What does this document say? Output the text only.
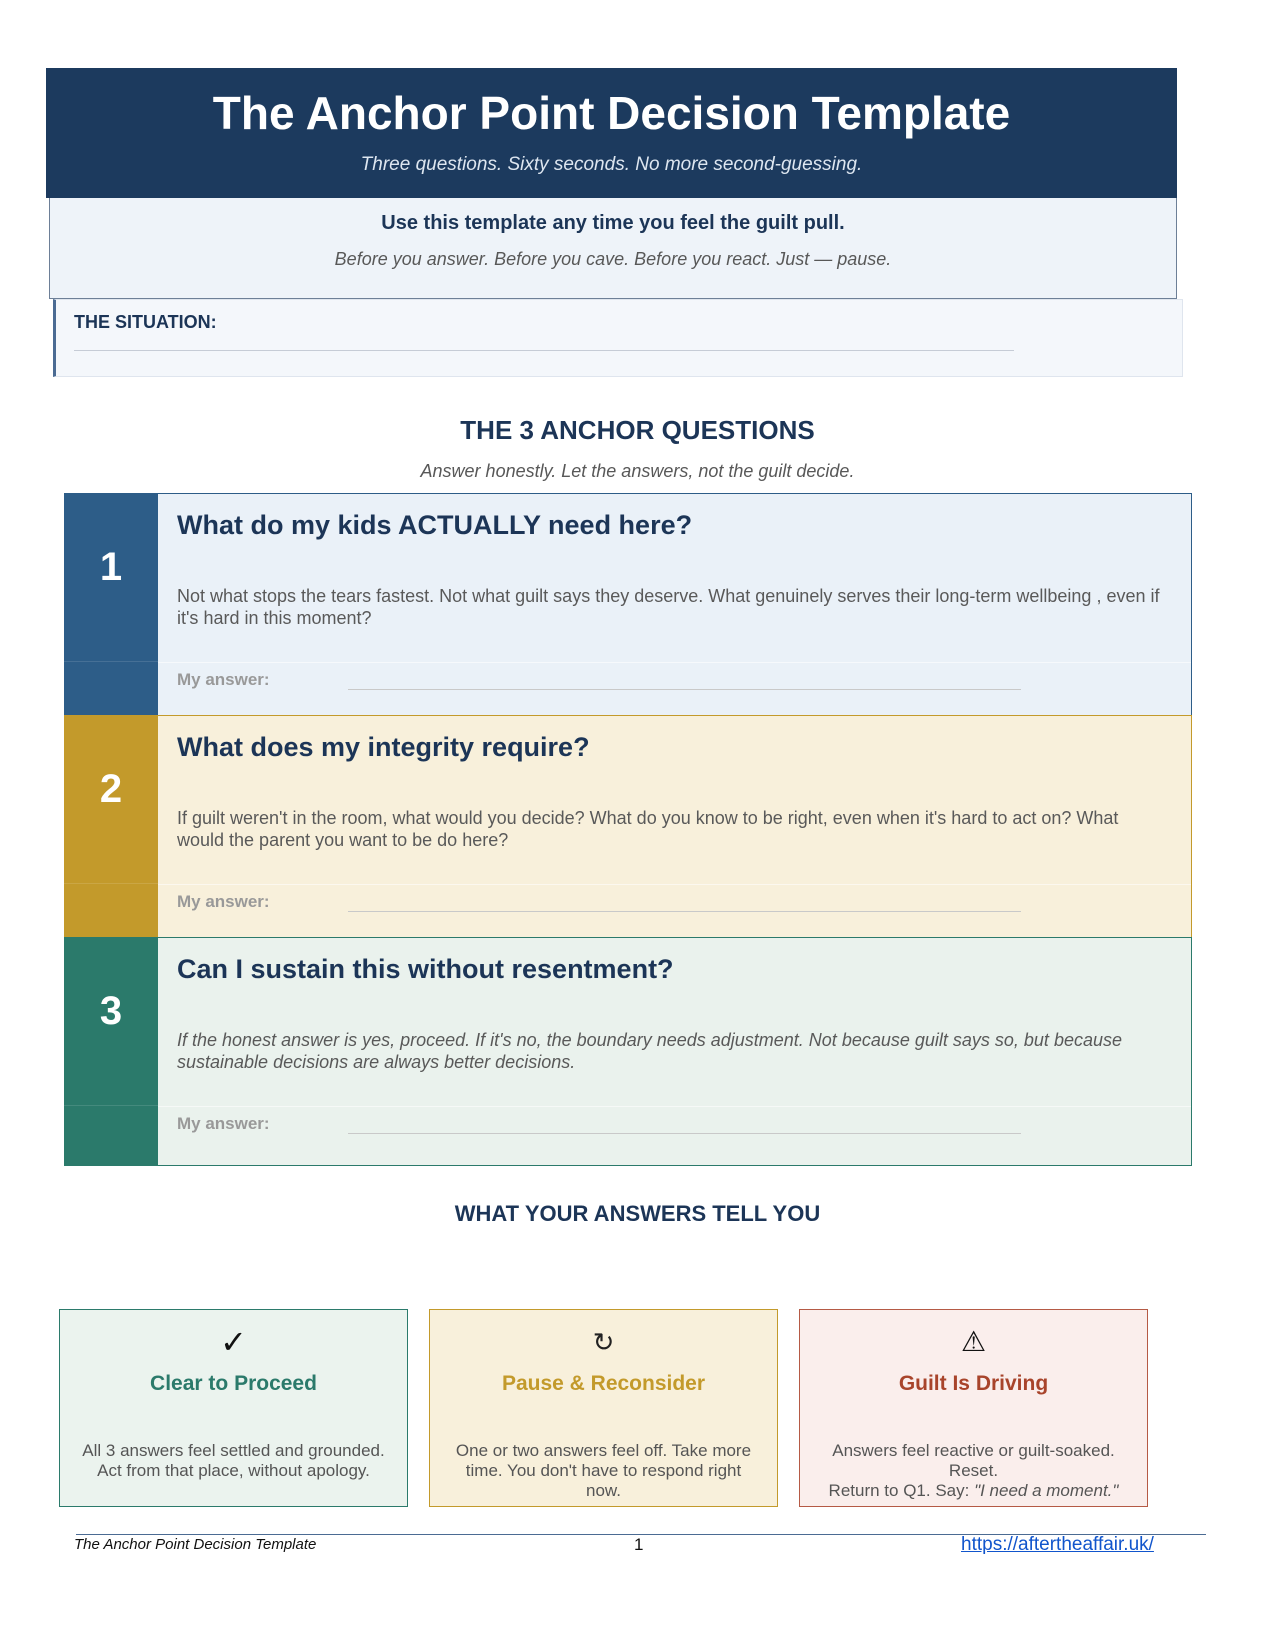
The Anchor Point Decision Template
Three questions. Sixty seconds. No more second-guessing.
Use this template any time you feel the guilt pull.
Before you answer. Before you cave. Before you react. Just — pause.
THE SITUATION:
THE 3 ANCHOR QUESTIONS
Answer honestly. Let the answers, not the guilt decide.
1
What do my kids ACTUALLY need here?
Not what stops the tears fastest. Not what guilt says they deserve. What genuinely serves their long-term wellbeing , even if it's hard in this moment?
My answer:
2
What does my integrity require?
If guilt weren't in the room, what would you decide? What do you know to be right, even when it's hard to act on? What would the parent you want to be do here?
My answer:
3
Can I sustain this without resentment?
If the honest answer is yes, proceed. If it's no, the boundary needs adjustment. Not because guilt says so, but because sustainable decisions are always better decisions.
My answer:
WHAT YOUR ANSWERS TELL YOU
✓
Clear to Proceed
All 3 answers feel settled and grounded.
Act from that place, without apology.
↻
Pause & Reconsider
One or two answers feel off. Take more
time. You don't have to respond right now.
⚠
Guilt Is Driving
Answers feel reactive or guilt-soaked. Reset.
Return to Q1. Say: "I need a moment."
The Anchor Point Decision Template	1	https://aftertheaffair.uk/
